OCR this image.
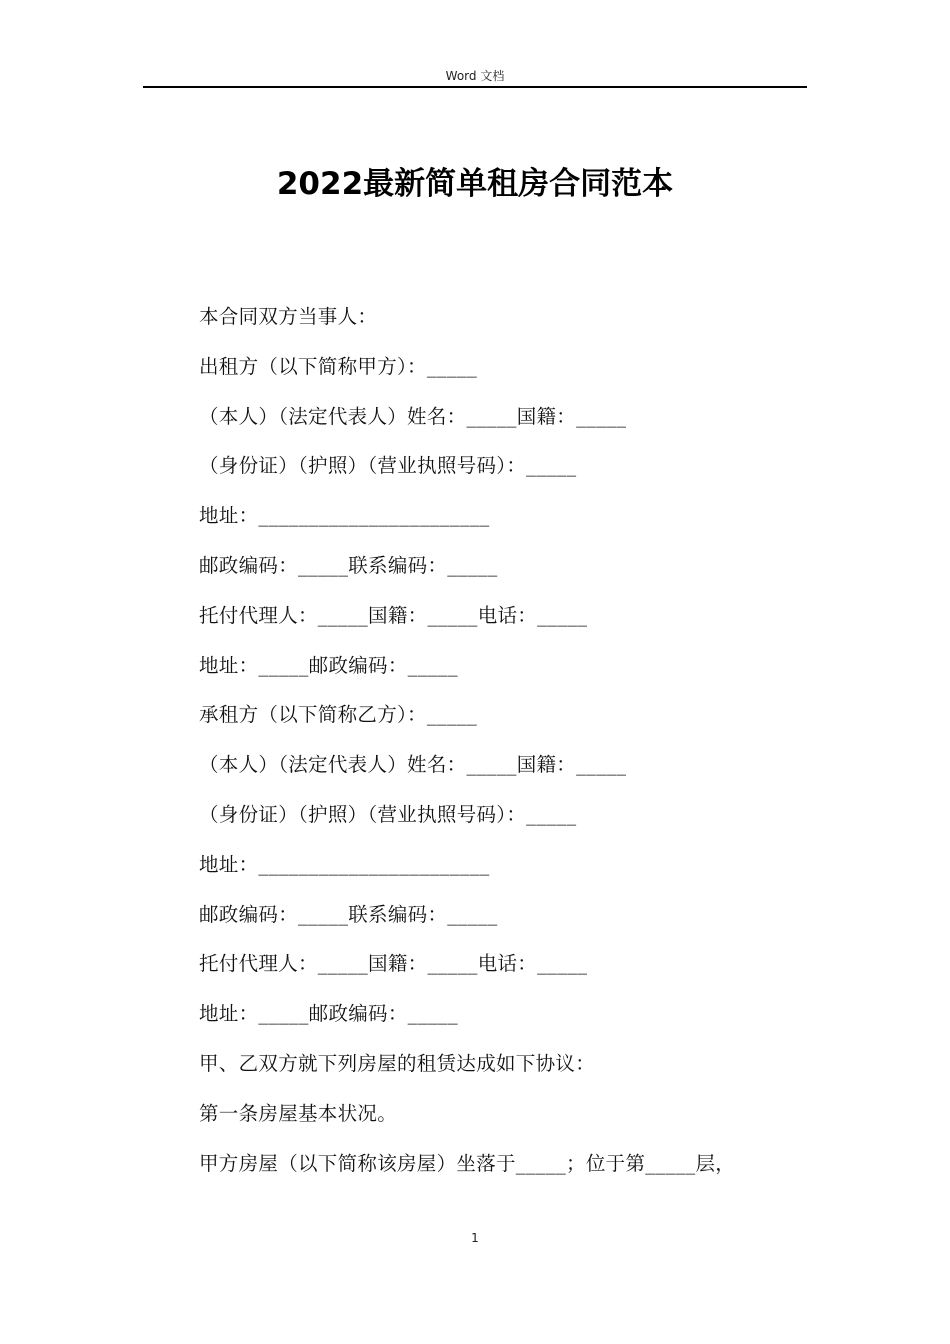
Word 文档
2022最新简单租房合同范本
本合同双方当事人：
出租方（以下简称甲方）：_____
（本人）（法定代表人）姓名：_____国籍：_____
（身份证）（护照）（营业执照号码）：_____
地址：_______________________
邮政编码：_____联系编码：_____
托付代理人：_____国籍：_____电话：_____
地址：_____邮政编码：_____
承租方（以下简称乙方）：_____
（本人）（法定代表人）姓名：_____国籍：_____
（身份证）（护照）（营业执照号码）：_____
地址：_______________________
邮政编码：_____联系编码：_____
托付代理人：_____国籍：_____电话：_____
地址：_____邮政编码：_____
甲、乙双方就下列房屋的租赁达成如下协议：
第一条房屋基本状况。
甲方房屋（以下简称该房屋）坐落于_____；位于第_____层，
1
